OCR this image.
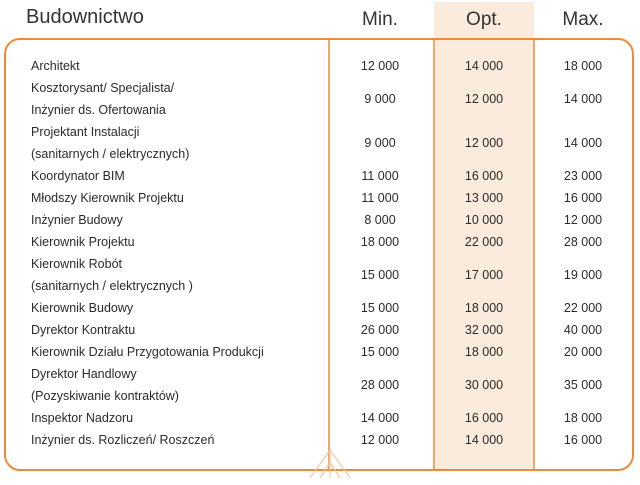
Budownictwo	Min.	Opt.	Max.
Architekt	12 000	14 000	18 000
Kosztorysant/ Specjalista/
Inżynier ds. Ofertowania
9 000	12 000	14 000
Projektant Instalacji
(sanitarnych / elektrycznych)
9 000	12 000	14 000
Koordynator BIM	11 000	16 000	23 000
Młodszy Kierownik Projektu	11 000	13 000	16 000
Inżynier Budowy	8 000	10 000	12 000
Kierownik Projektu	18 000	22 000	28 000
Kierownik Robót
(sanitarnych / elektrycznych )
15 000	17 000	19 000
Kierownik Budowy	15 000	18 000	22 000
Dyrektor Kontraktu	26 000	32 000	40 000
Kierownik Działu Przygotowania Produkcji	15 000	18 000	20 000
Dyrektor Handlowy
(Pozyskiwanie kontraktów)
28 000	30 000	35 000
Inspektor Nadzoru	14 000	16 000	18 000
Inżynier ds. Rozliczeń/ Roszczeń	12 000	14 000	16 000
